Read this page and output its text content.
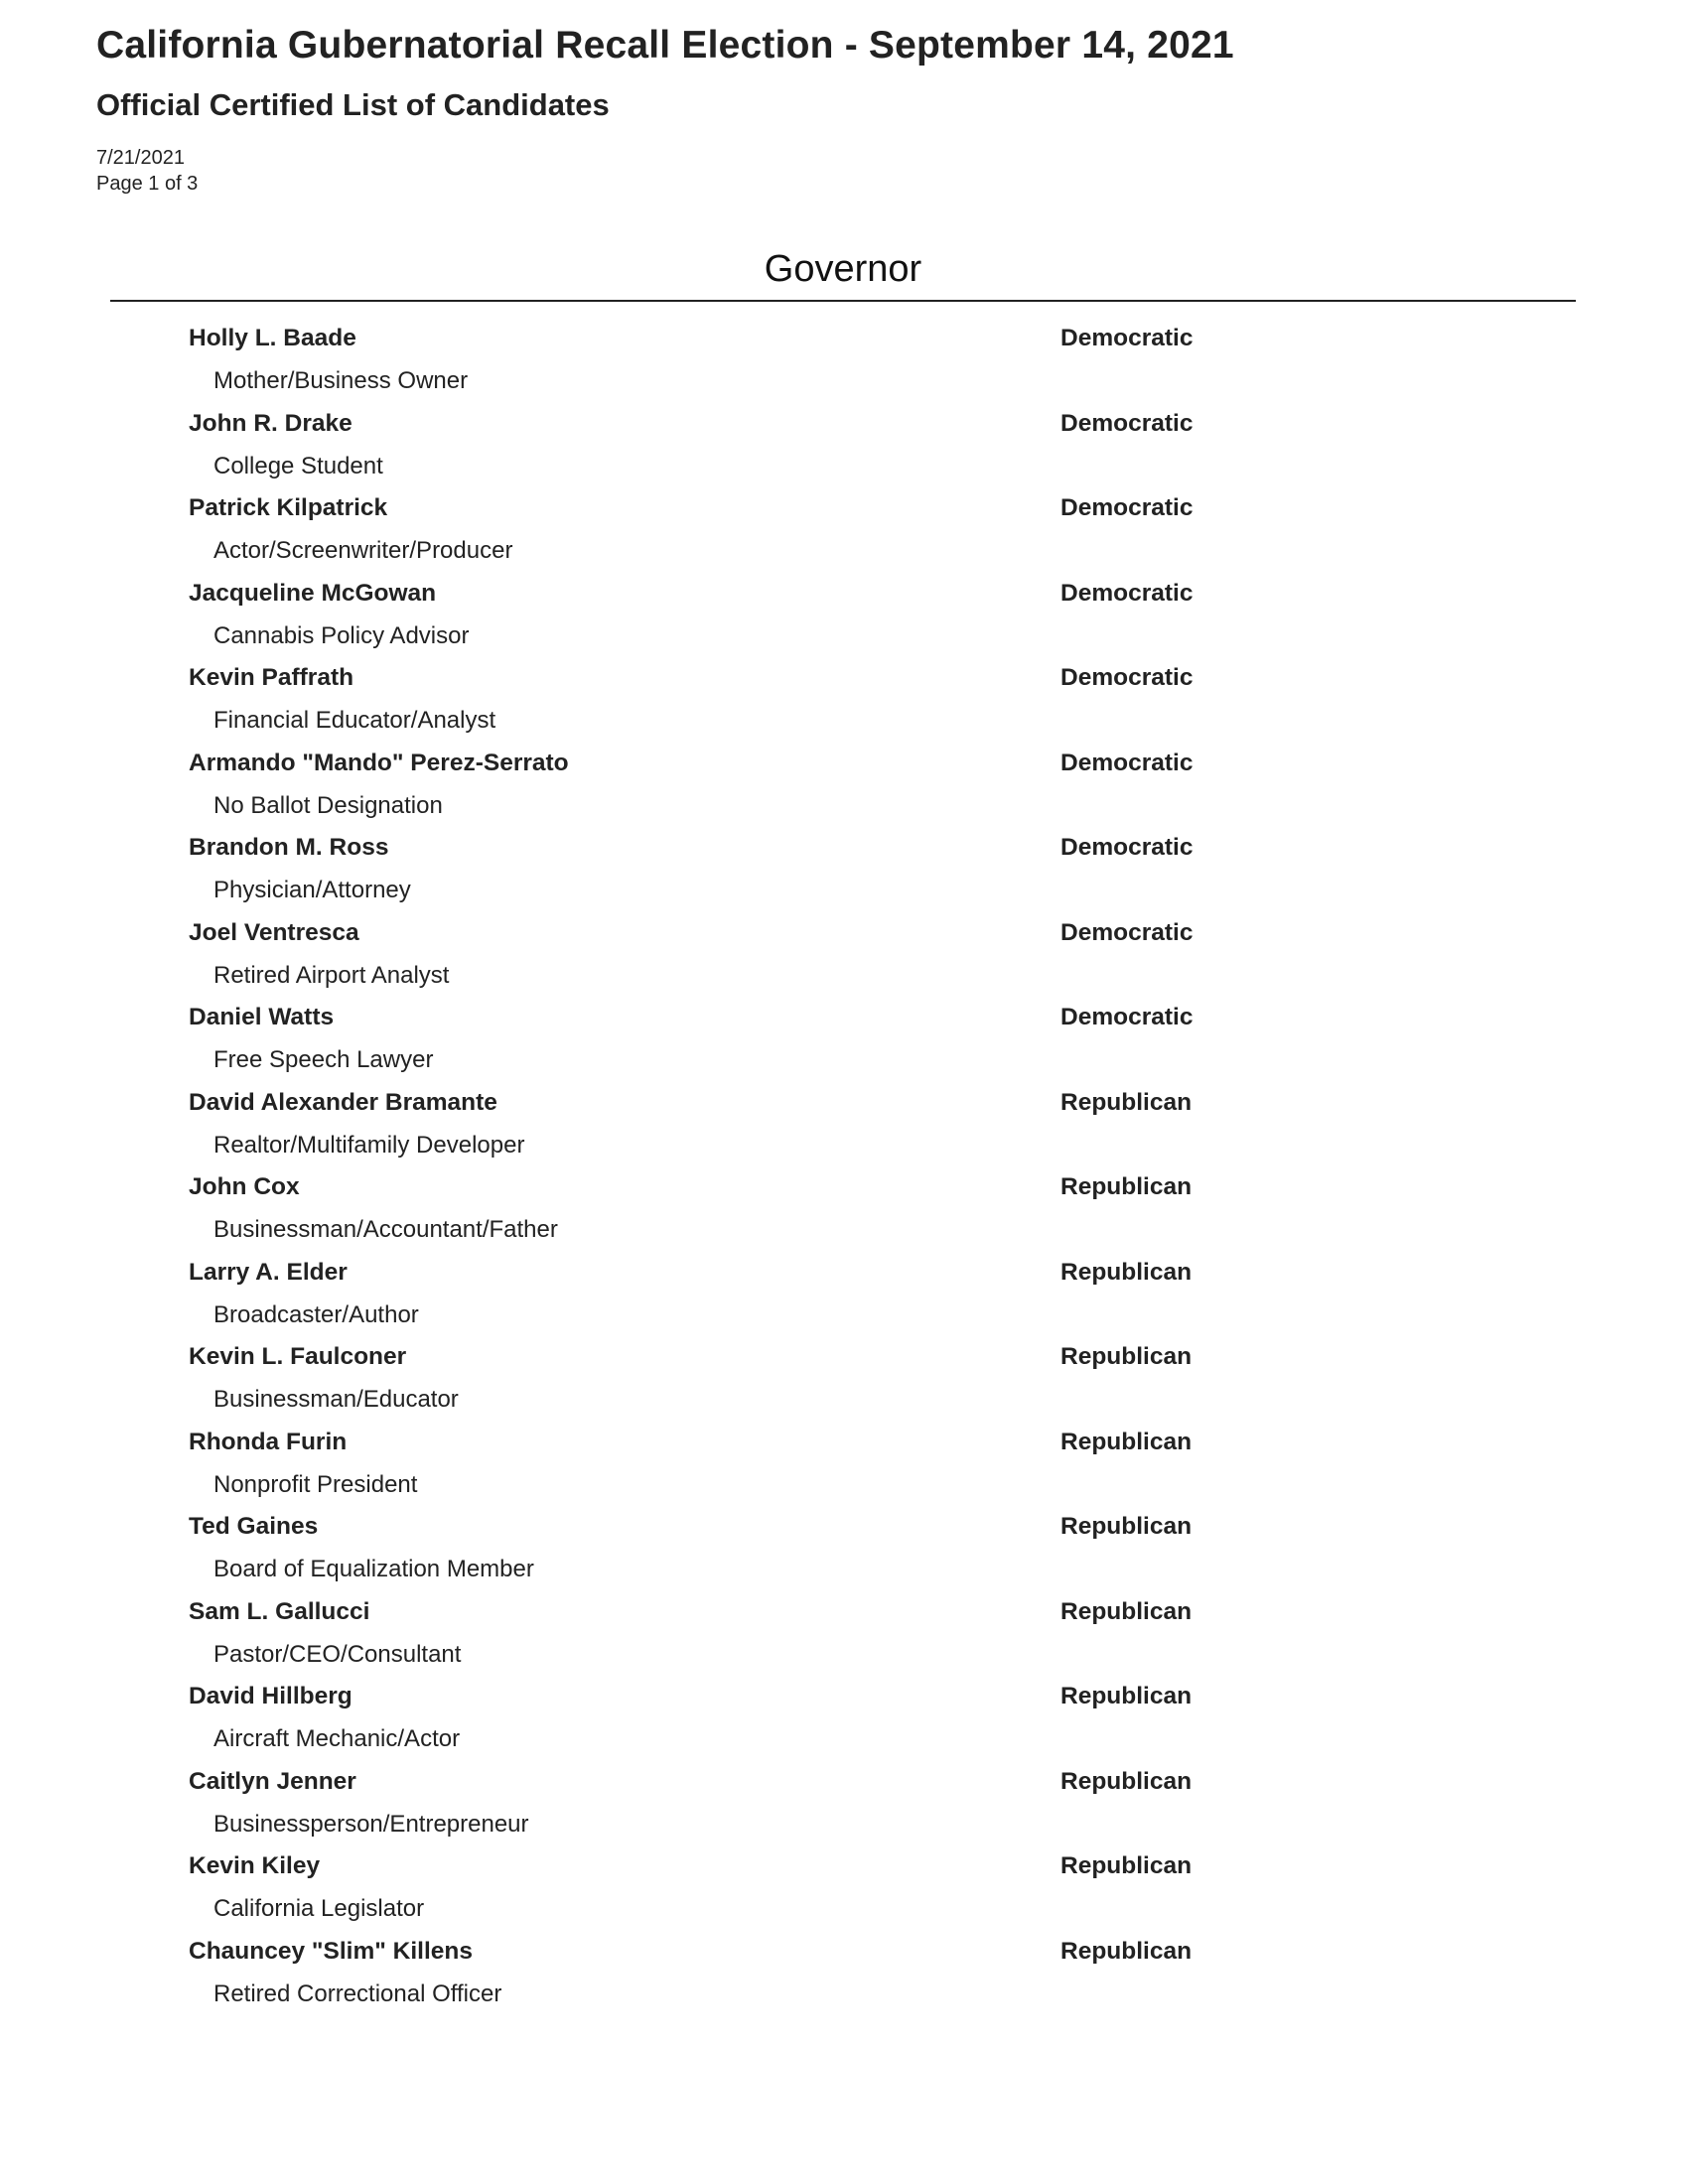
California Gubernatorial Recall Election - September 14, 2021
Official Certified List of Candidates
7/21/2021
Page 1 of 3
Governor
Holly L. Baade	Democratic
Mother/Business Owner
John R. Drake	Democratic
College Student
Patrick Kilpatrick	Democratic
Actor/Screenwriter/Producer
Jacqueline McGowan	Democratic
Cannabis Policy Advisor
Kevin Paffrath	Democratic
Financial Educator/Analyst
Armando "Mando" Perez-Serrato	Democratic
No Ballot Designation
Brandon M. Ross	Democratic
Physician/Attorney
Joel Ventresca	Democratic
Retired Airport Analyst
Daniel Watts	Democratic
Free Speech Lawyer
David Alexander Bramante	Republican
Realtor/Multifamily Developer
John Cox	Republican
Businessman/Accountant/Father
Larry A. Elder	Republican
Broadcaster/Author
Kevin L. Faulconer	Republican
Businessman/Educator
Rhonda Furin	Republican
Nonprofit President
Ted Gaines	Republican
Board of Equalization Member
Sam L. Gallucci	Republican
Pastor/CEO/Consultant
David Hillberg	Republican
Aircraft Mechanic/Actor
Caitlyn Jenner	Republican
Businessperson/Entrepreneur
Kevin Kiley	Republican
California Legislator
Chauncey "Slim" Killens	Republican
Retired Correctional Officer
